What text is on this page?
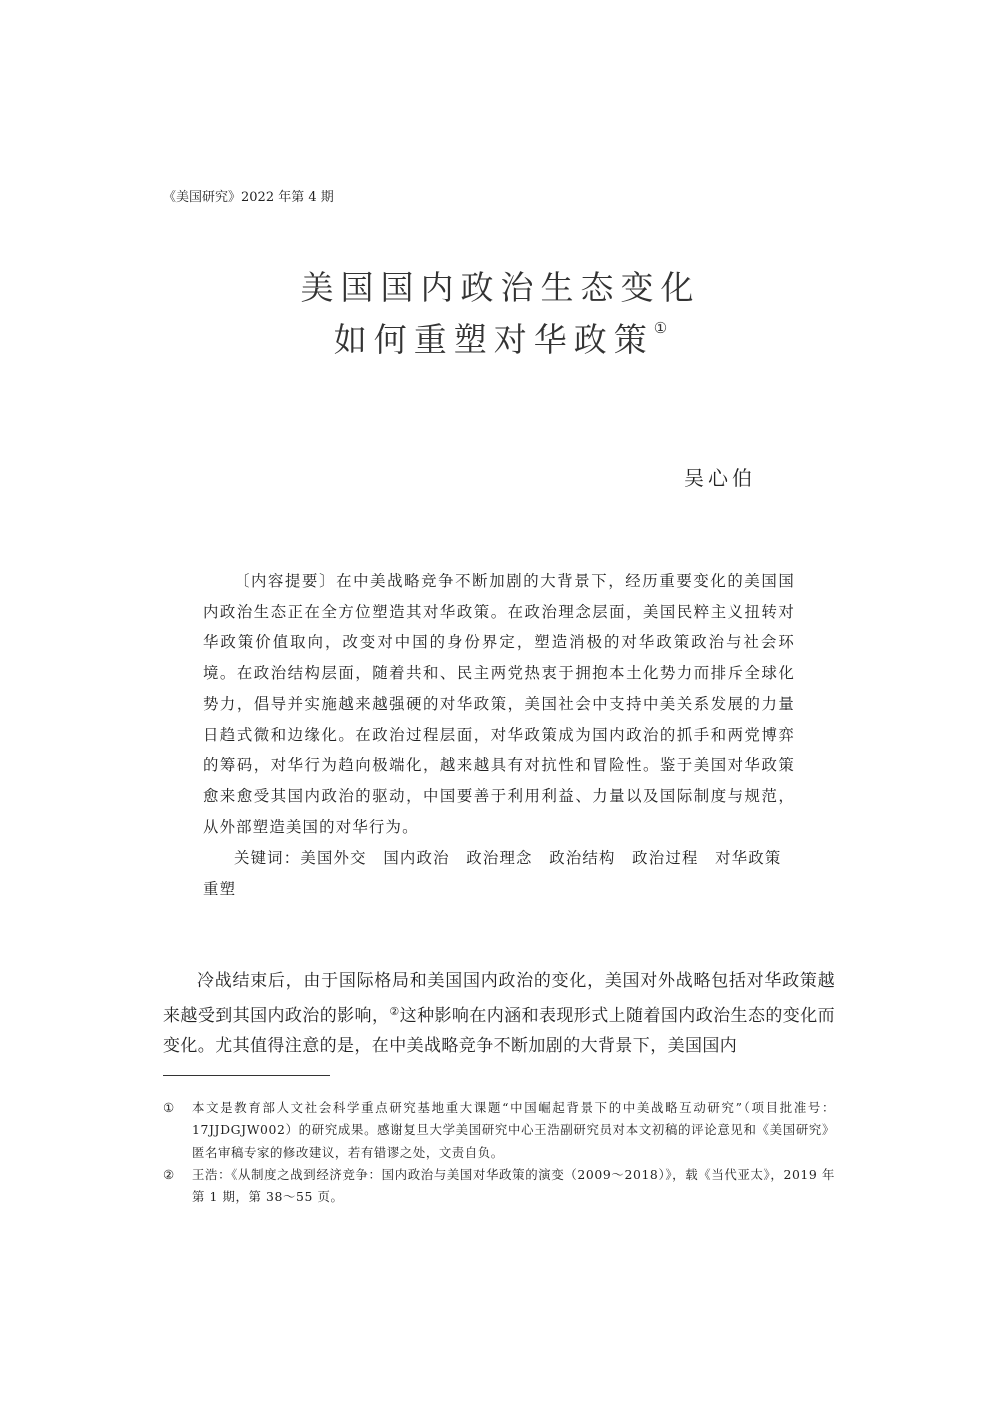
《美国研究》2022 年第 4 期
美国国内政治生态变化
如何重塑对华政策①
吴心伯

〔内容提要〕在中美战略竞争不断加剧的大背景下，经历重要变化的美国国内政治生态正在全方位塑造其对华政策。在政治理念层面，美国民粹主义扭转对华政策价值取向，改变对中国的身份界定，塑造消极的对华政策政治与社会环境。在政治结构层面，随着共和、民主两党热衷于拥抱本土化势力而排斥全球化势力，倡导并实施越来越强硬的对华政策，美国社会中支持中美关系发展的力量日趋式微和边缘化。在政治过程层面，对华政策成为国内政治的抓手和两党博弈的筹码，对华行为趋向极端化，越来越具有对抗性和冒险性。鉴于美国对华政策愈来愈受其国内政治的驱动，中国要善于利用利益、力量以及国际制度与规范，从外部塑造美国的对华行为。

关键词：美国外交　国内政治　政治理念　政治结构　政治过程　对华政策　重塑

冷战结束后，由于国际格局和美国国内政治的变化，美国对外战略包括对华政策越来越受到其国内政治的影响，②这种影响在内涵和表现形式上随着国内政治生态的变化而变化。尤其值得注意的是，在中美战略竞争不断加剧的大背景下，美国国内

① 本文是教育部人文社会科学重点研究基地重大课题“中国崛起背景下的中美战略互动研究”（项目批准号：17JJDGJW002）的研究成果。感谢复旦大学美国研究中心王浩副研究员对本文初稿的评论意见和《美国研究》匿名审稿专家的修改建议，若有错谬之处，文责自负。

② 王浩：《从制度之战到经济竞争：国内政治与美国对华政策的演变（2009～2018）》，载《当代亚太》，2019 年第 1 期，第 38～55 页。
